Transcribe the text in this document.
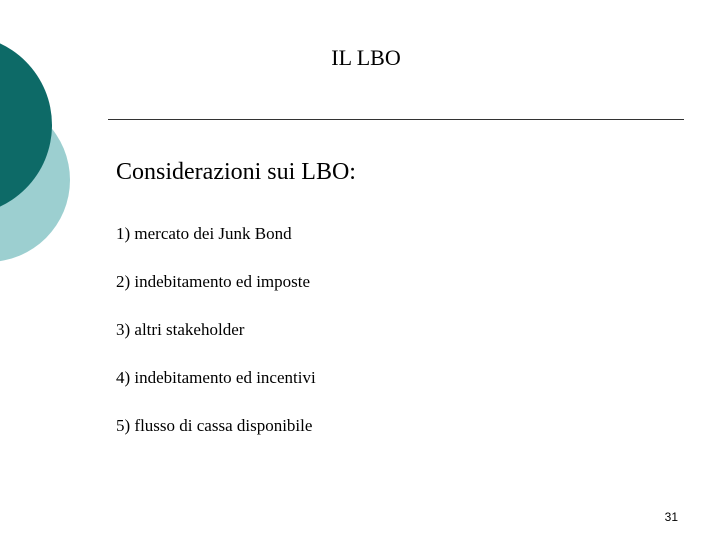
IL LBO
Considerazioni sui LBO:
1) mercato dei Junk Bond
2) indebitamento ed imposte
3) altri stakeholder
4) indebitamento ed incentivi
5) flusso di cassa disponibile
31
